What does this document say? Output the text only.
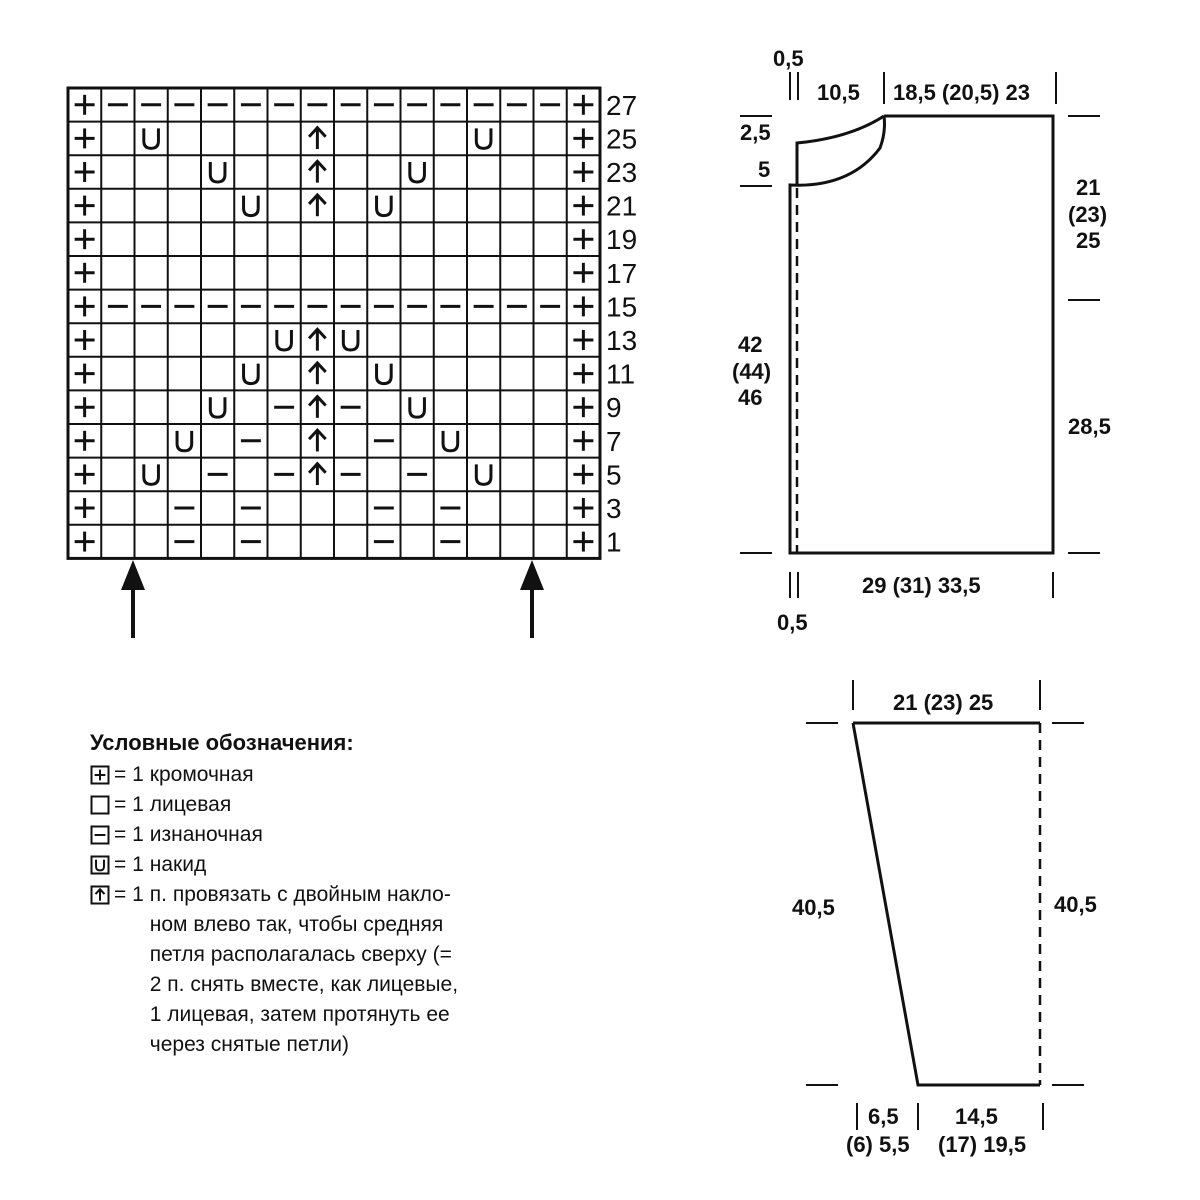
27
25
23
21
19
17
15
13
11
9
7
5
3
1
0,5
10,5 18,5 (20,5) 23
2,5
5
21
(23)
25
42
(44)
46
28,5
29 (31) 33,5
0,5
21 (23) 25
40,5	40,5
6,5
(6) 5,5
14,5
(17) 19,5
Условные обозначения:
= 1 кромочная
= 1 лицевая
= 1 изнаночная
= 1 накид
= 1 п. провязать с двойным накло-
ном влево так, чтобы средняя
петля располагалась сверху (=
2 п. снять вместе, как лицевые,
1 лицевая, затем протянуть ее
через снятые петли)
